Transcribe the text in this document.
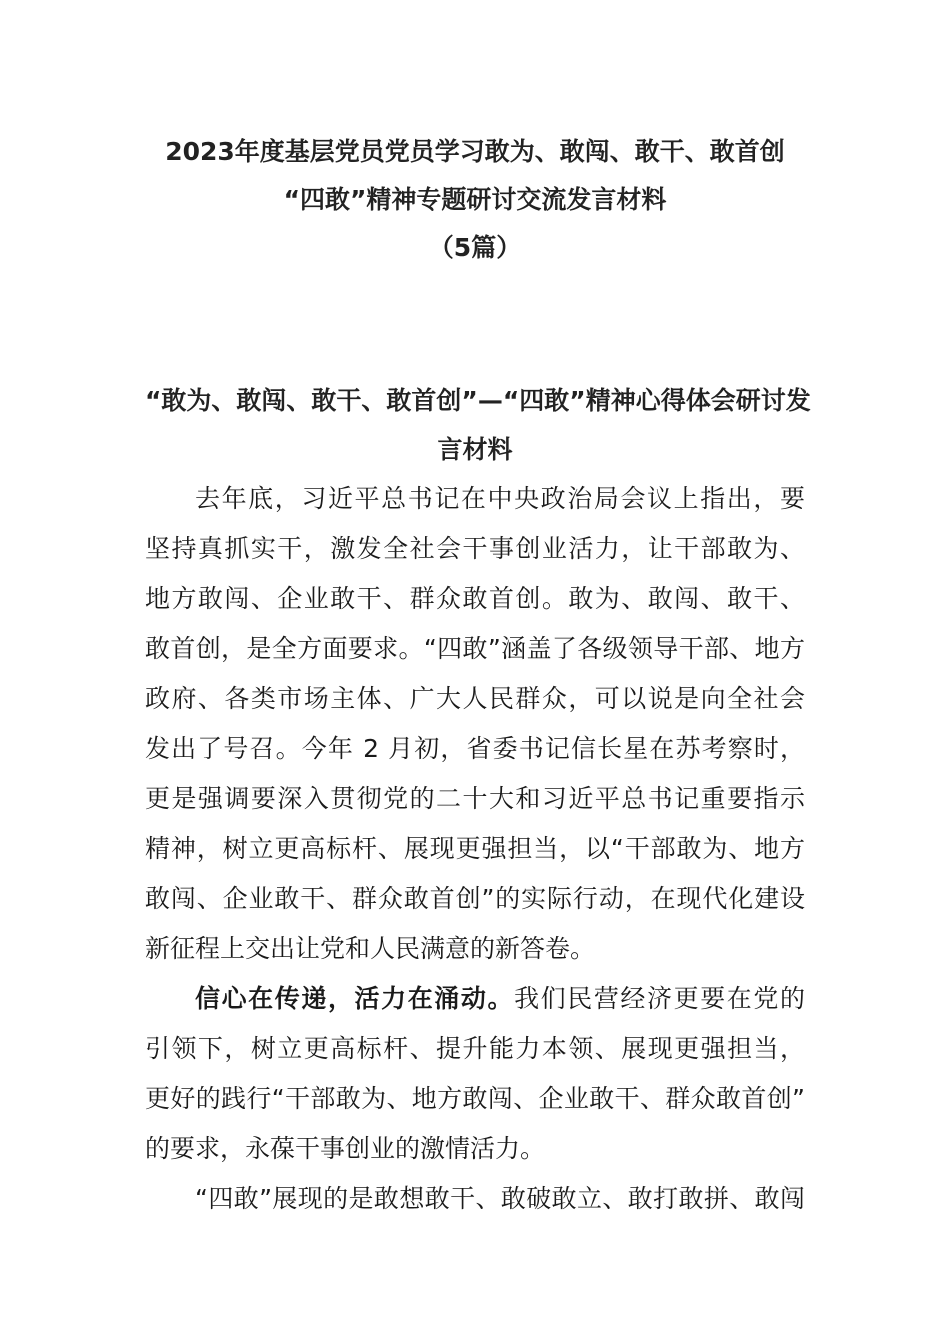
2023年度基层党员党员学习敢为、敢闯、敢干、敢首创
“四敢”精神专题研讨交流发言材料
（5篇）
“敢为、敢闯、敢干、敢首创”—“四敢”精神心得体会研讨发
言材料

去年底，习近平总书记在中央政治局会议上指出，要
坚持真抓实干，激发全社会干事创业活力，让干部敢为、
地方敢闯、企业敢干、群众敢首创。敢为、敢闯、敢干、
敢首创，是全方面要求。“四敢”涵盖了各级领导干部、地方
政府、各类市场主体、广大人民群众，可以说是向全社会
发出了号召。今年 2 月初，省委书记信长星在苏考察时，
更是强调要深入贯彻党的二十大和习近平总书记重要指示
精神，树立更高标杆、展现更强担当，以“干部敢为、地方
敢闯、企业敢干、群众敢首创”的实际行动，在现代化建设
新征程上交出让党和人民满意的新答卷。

信心在传递，活力在涌动。我们民营经济更要在党的
引领下，树立更高标杆、提升能力本领、展现更强担当，
更好的践行“干部敢为、地方敢闯、企业敢干、群众敢首创”
的要求，永葆干事创业的激情活力。

“四敢”展现的是敢想敢干、敢破敢立、敢打敢拼、敢闯
